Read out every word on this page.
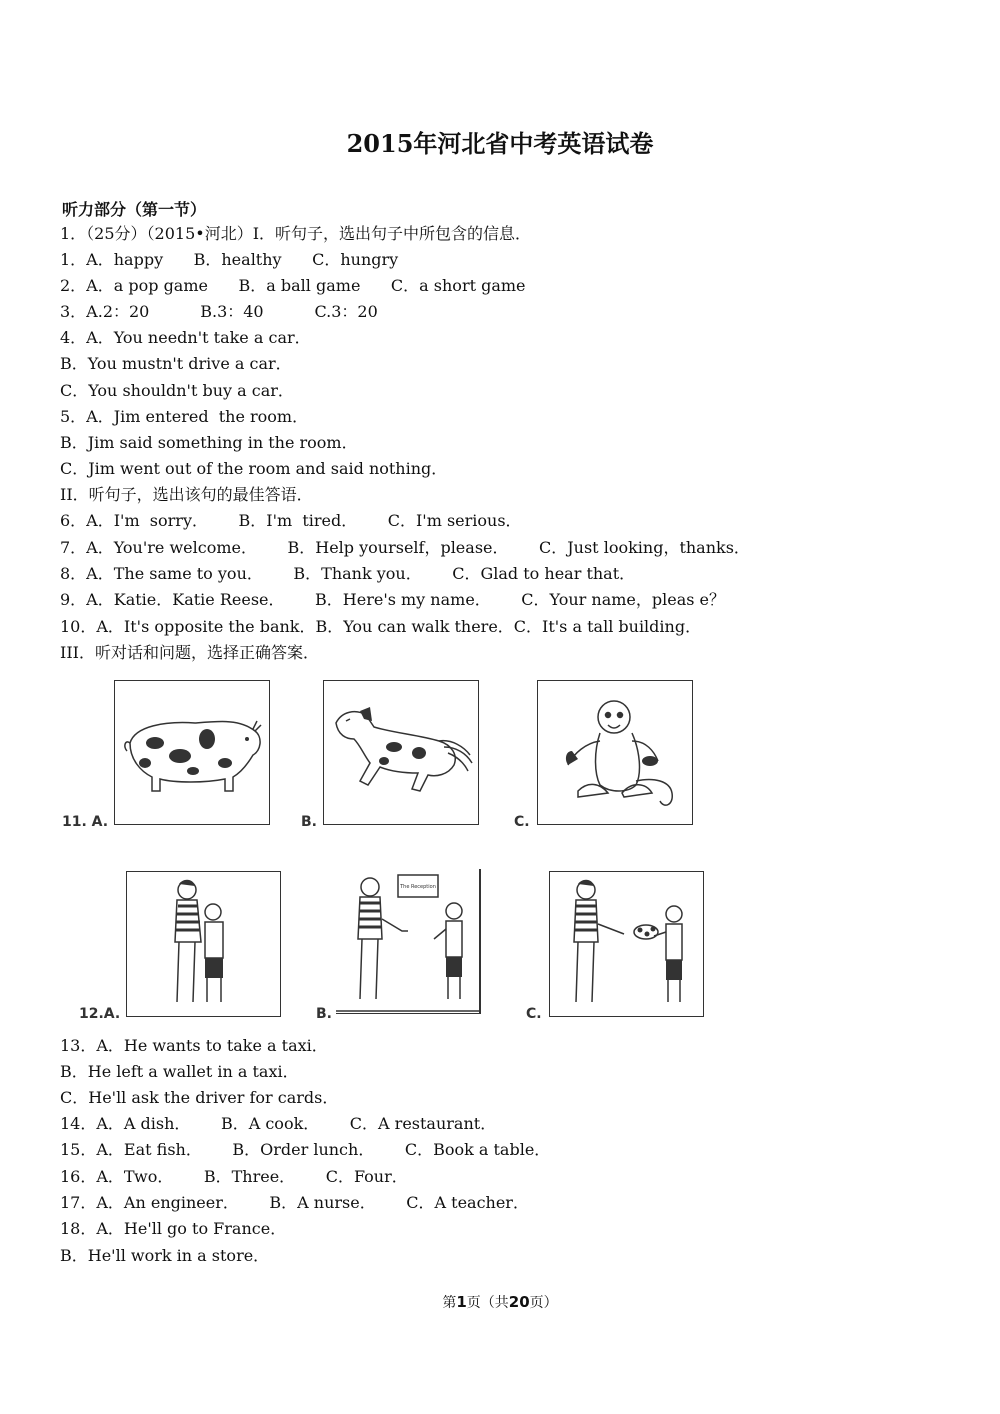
2015年河北省中考英语试卷
听力部分（第一节）
1．（25分）（2015•河北）I．听句子，选出句子中所包含的信息．
1．A．happy      B．healthy      C．hungry
2．A．a pop game      B．a ball game      C．a short game
3．A.2：20          B.3：40          C.3：20
4．A．You needn't take a car．
B．You mustn't drive a car．
C．You shouldn't buy a car．
5．A．Jim entered  the room．
B．Jim said something in the room．
C．Jim went out of the room and said nothing．
II．听句子，选出该句的最佳答语．
6．A．I'm  sorry．      B．I'm  tired．      C．I'm serious．
7．A．You're welcome．      B．Help yourself，please．      C．Just looking，thanks．
8．A．The same to you．      B．Thank you．      C．Glad to hear that．
9．A．Katie．Katie Reese．      B．Here's my name．      C．Your name，pleas e？
10．A．It's opposite the bank．B．You can walk there．C．It's a tall building．
III．听对话和问题，选择正确答案．
11. A.	B.	C.
The Reception
12.A.	B.	C.
13．A．He wants to take a taxi．
B．He left a wallet in a taxi．
C．He'll ask the driver for cards．
14．A．A dish．      B．A cook．      C．A restaurant．
15．A．Eat fish．      B．Order lunch．      C．Book a table．
16．A．Two．      B．Three．      C．Four．
17．A．An engineer．      B．A nurse．      C．A teacher．
18．A．He'll go to France．
B．He'll work in a store．
第1页（共20页）
